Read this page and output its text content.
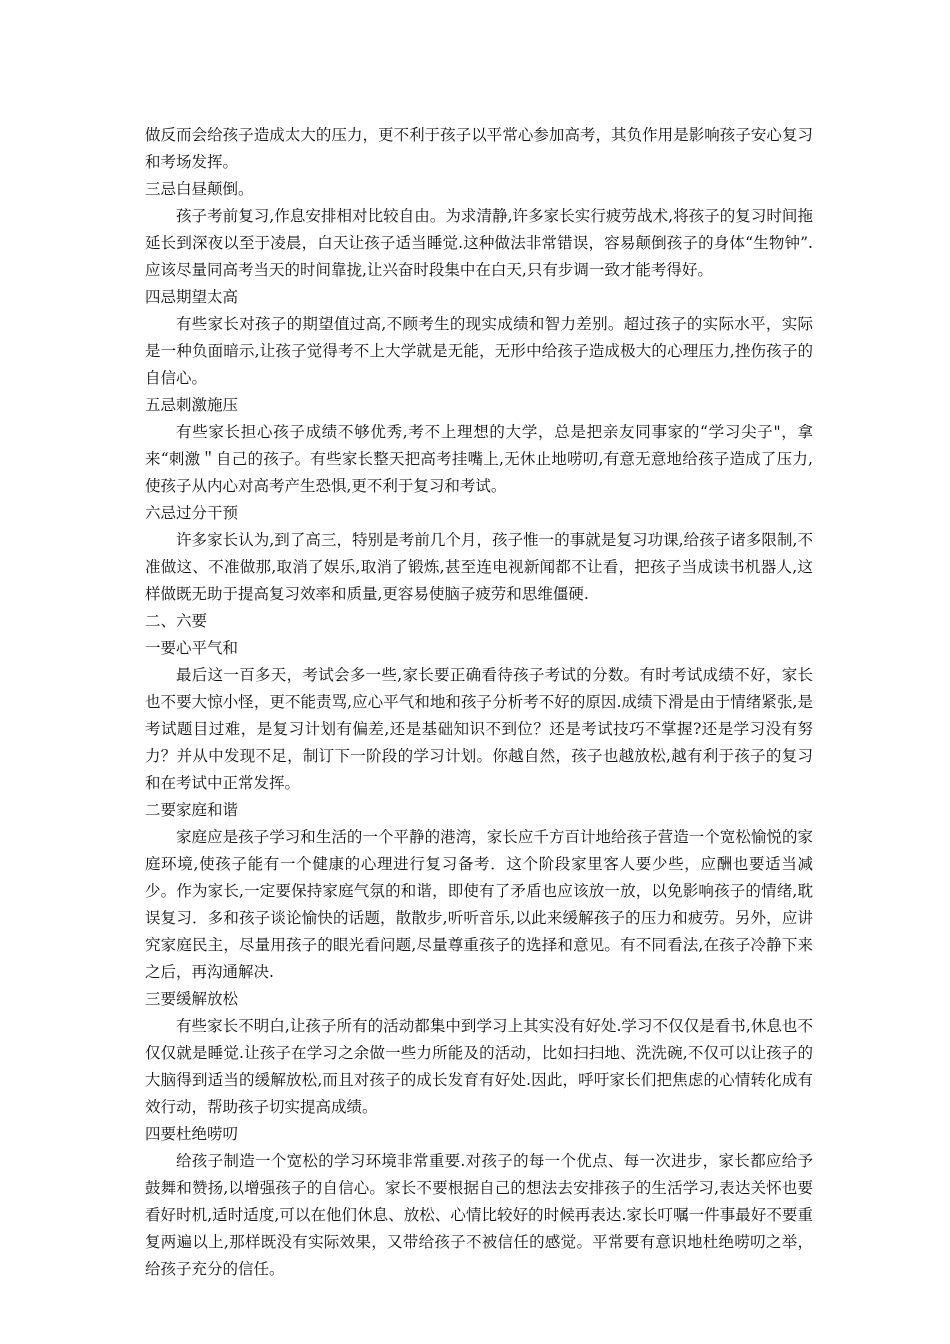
做反而会给孩子造成太大的压力，更不利于孩子以平常心参加高考，其负作用是影响孩子安心复习和考场发挥。

三忌白昼颠倒。

孩子考前复习,作息安排相对比较自由。为求清静,许多家长实行疲劳战术,将孩子的复习时间拖延长到深夜以至于凌晨，白天让孩子适当睡觉.这种做法非常错误，容易颠倒孩子的身体“生物钟”.应该尽量同高考当天的时间靠拢,让兴奋时段集中在白天,只有步调一致才能考得好。

四忌期望太高

有些家长对孩子的期望值过高,不顾考生的现实成绩和智力差别。超过孩子的实际水平，实际是一种负面暗示,让孩子觉得考不上大学就是无能，无形中给孩子造成极大的心理压力,挫伤孩子的自信心。

五忌刺激施压

有些家长担心孩子成绩不够优秀,考不上理想的大学，总是把亲友同事家的“学习尖子"，拿来“刺激＂自己的孩子。有些家长整天把高考挂嘴上,无休止地唠叨,有意无意地给孩子造成了压力,使孩子从内心对高考产生恐惧,更不利于复习和考试。

六忌过分干预

许多家长认为,到了高三，特别是考前几个月，孩子惟一的事就是复习功课,给孩子诸多限制,不准做这、不准做那,取消了娱乐,取消了锻炼,甚至连电视新闻都不让看，把孩子当成读书机器人,这样做既无助于提高复习效率和质量,更容易使脑子疲劳和思维僵硬.

二、六要

一要心平气和

最后这一百多天，考试会多一些,家长要正确看待孩子考试的分数。有时考试成绩不好，家长也不要大惊小怪，更不能责骂,应心平气和地和孩子分析考不好的原因.成绩下滑是由于情绪紧张,是考试题目过难，是复习计划有偏差,还是基础知识不到位？还是考试技巧不掌握?还是学习没有努力？并从中发现不足，制订下一阶段的学习计划。你越自然，孩子也越放松,越有利于孩子的复习和在考试中正常发挥。

二要家庭和谐

家庭应是孩子学习和生活的一个平静的港湾，家长应千方百计地给孩子营造一个宽松愉悦的家庭环境,使孩子能有一个健康的心理进行复习备考．这个阶段家里客人要少些，应酬也要适当减少。作为家长,一定要保持家庭气氛的和谐，即使有了矛盾也应该放一放，以免影响孩子的情绪,耽误复习．多和孩子谈论愉快的话题，散散步,听听音乐,以此来缓解孩子的压力和疲劳。另外，应讲究家庭民主，尽量用孩子的眼光看问题,尽量尊重孩子的选择和意见。有不同看法,在孩子冷静下来之后，再沟通解决.

三要缓解放松

有些家长不明白,让孩子所有的活动都集中到学习上其实没有好处.学习不仅仅是看书,休息也不仅仅就是睡觉.让孩子在学习之余做一些力所能及的活动，比如扫扫地、洗洗碗,不仅可以让孩子的大脑得到适当的缓解放松,而且对孩子的成长发育有好处.因此，呼吁家长们把焦虑的心情转化成有效行动，帮助孩子切实提高成绩。

四要杜绝唠叨

给孩子制造一个宽松的学习环境非常重要.对孩子的每一个优点、每一次进步，家长都应给予鼓舞和赞扬,以增强孩子的自信心。家长不要根据自己的想法去安排孩子的生活学习,表达关怀也要看好时机,适时适度,可以在他们休息、放松、心情比较好的时候再表达.家长叮嘱一件事最好不要重复两遍以上,那样既没有实际效果，又带给孩子不被信任的感觉。平常要有意识地杜绝唠叨之举，给孩子充分的信任。
